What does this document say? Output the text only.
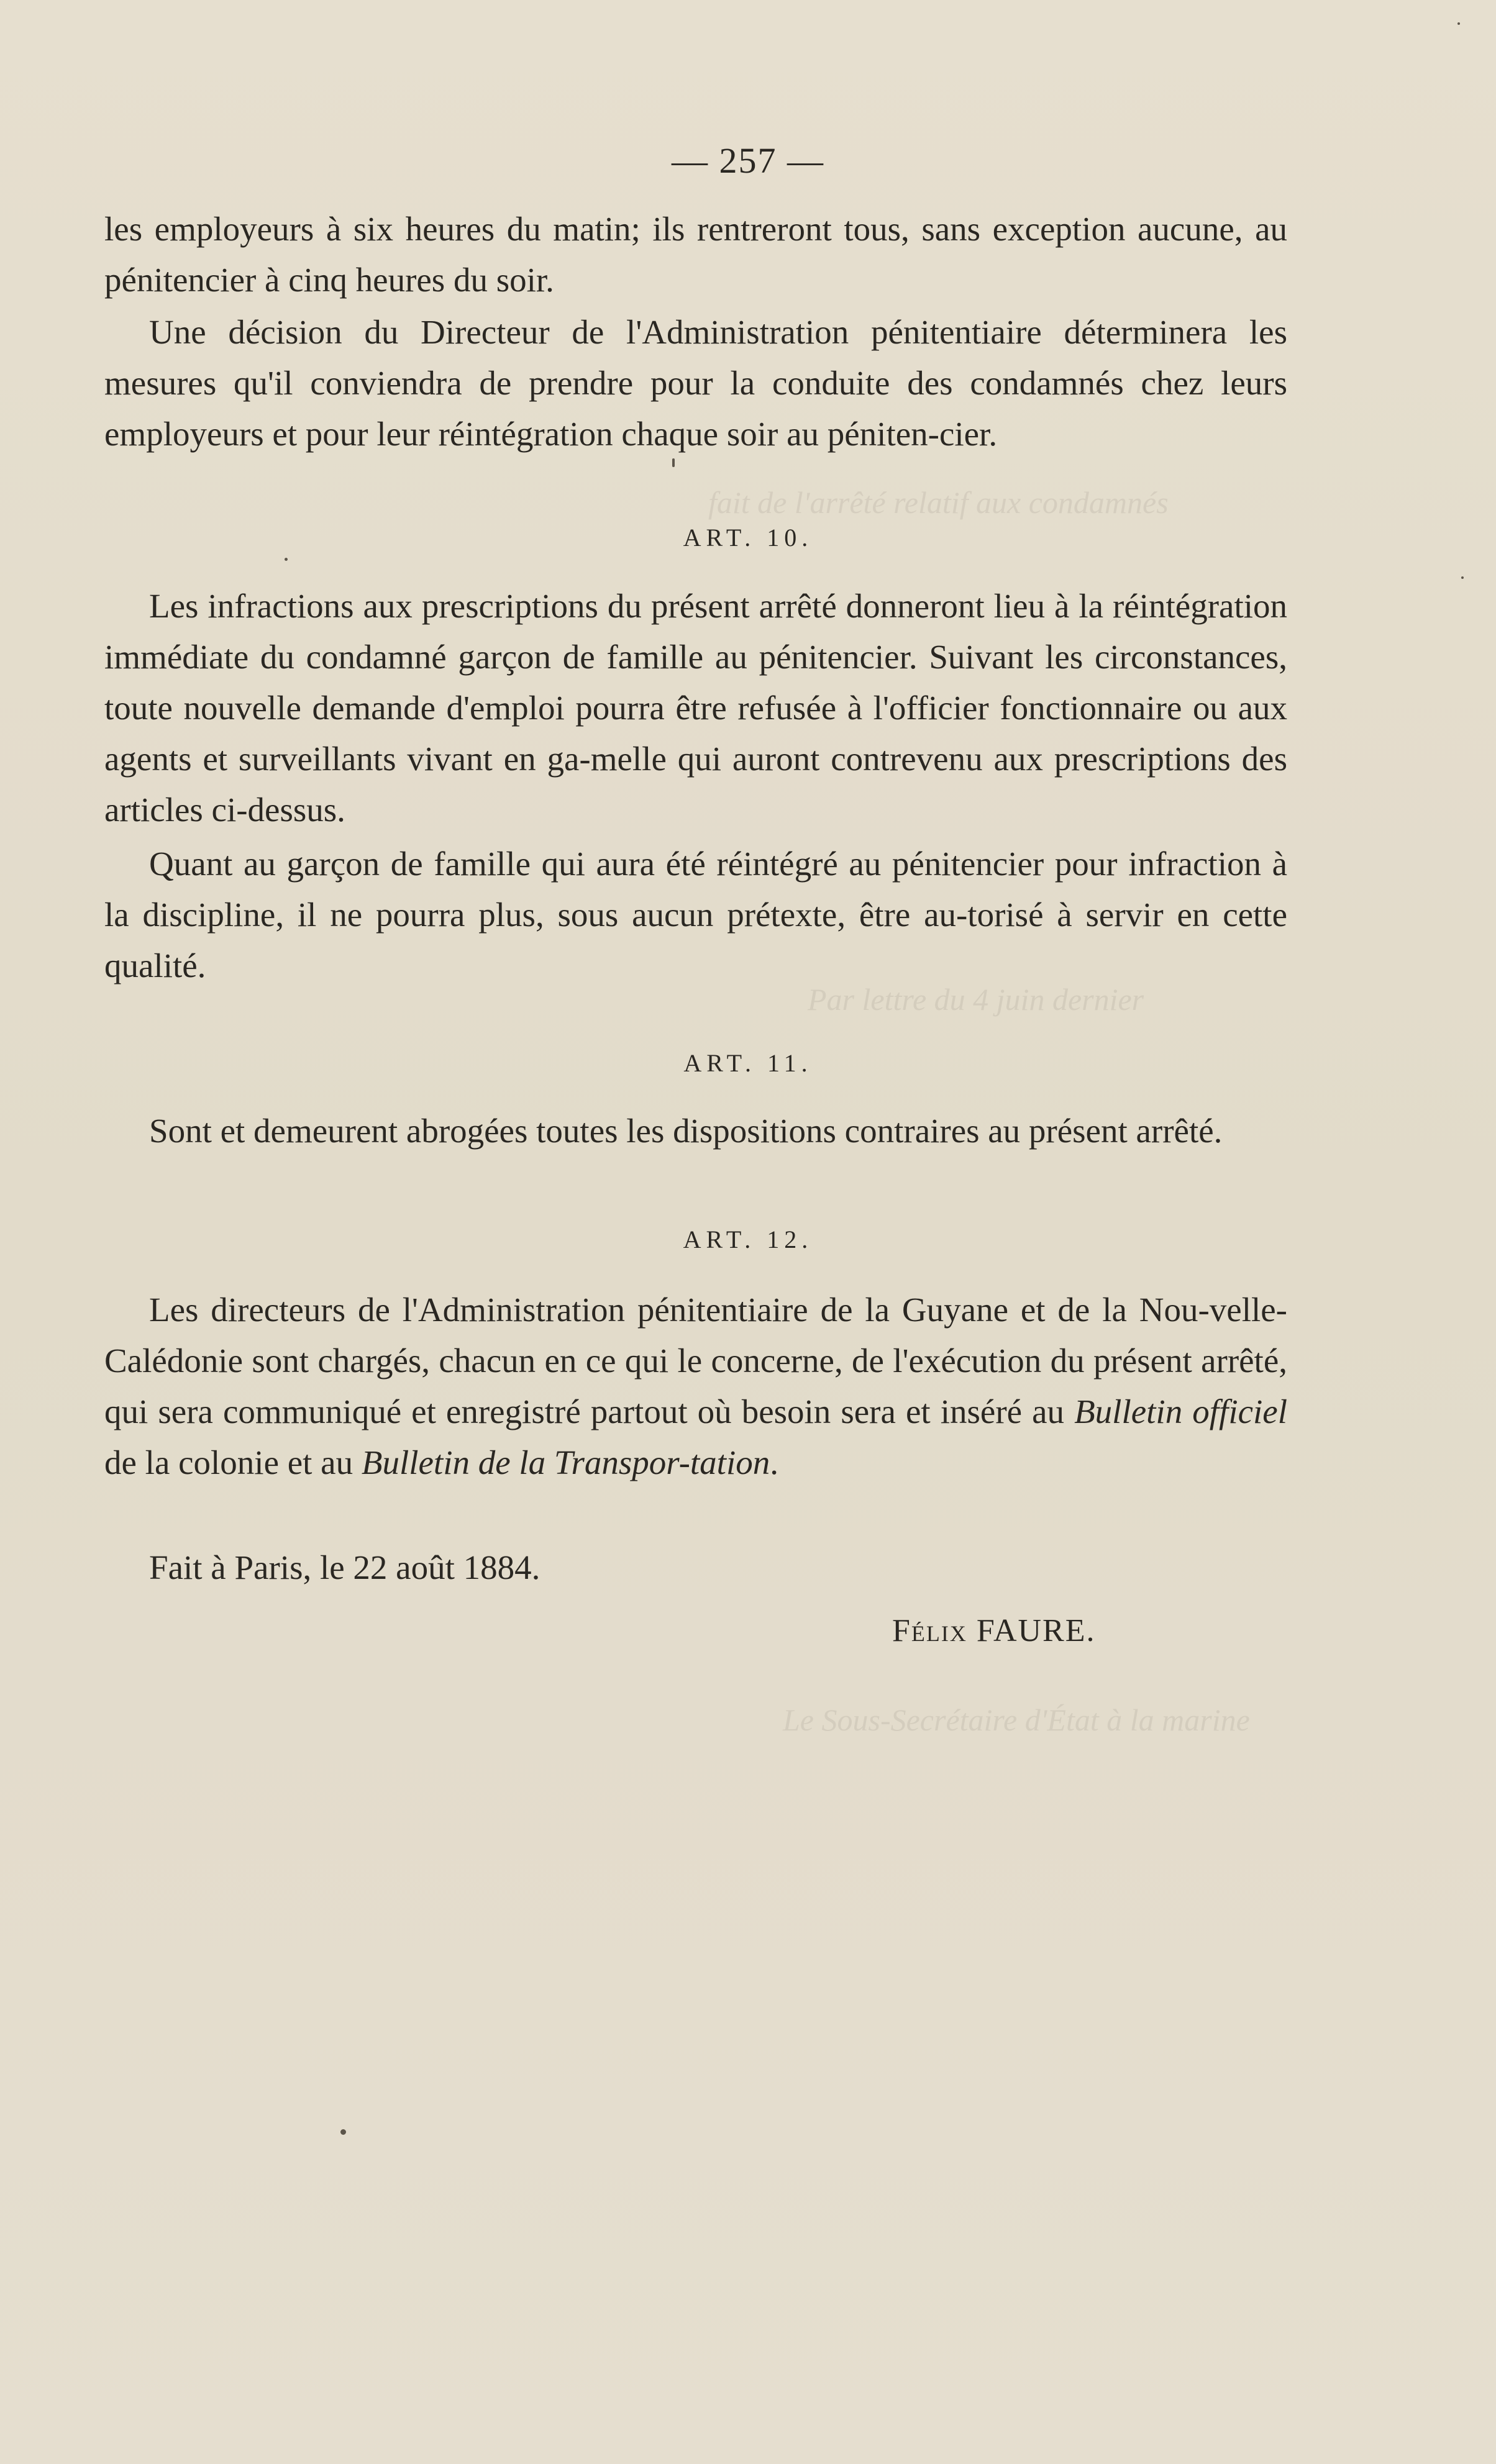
fait de l'arrêté relatif aux condamnés
Par lettre du 4 juin dernier
Le Sous-Secrétaire d'État à la marine
— 257 —

les employeurs à six heures du matin; ils rentreront tous, sans exception aucune, au pénitencier à cinq heures du soir.

Une décision du Directeur de l'Administration pénitentiaire déterminera les mesures qu'il conviendra de prendre pour la conduite des condamnés chez leurs employeurs et pour leur réintégration chaque soir au péniten-cier.

ART. 10.

Les infractions aux prescriptions du présent arrêté donneront lieu à la réintégration immédiate du condamné garçon de famille au pénitencier. Suivant les circonstances, toute nouvelle demande d'emploi pourra être refusée à l'officier fonctionnaire ou aux agents et surveillants vivant en ga-melle qui auront contrevenu aux prescriptions des articles ci-dessus.

Quant au garçon de famille qui aura été réintégré au pénitencier pour infraction à la discipline, il ne pourra plus, sous aucun prétexte, être au-torisé à servir en cette qualité.

ART. 11.

Sont et demeurent abrogées toutes les dispositions contraires au présent arrêté.

ART. 12.

Les directeurs de l'Administration pénitentiaire de la Guyane et de la Nou-velle-Calédonie sont chargés, chacun en ce qui le concerne, de l'exécution du présent arrêté, qui sera communiqué et enregistré partout où besoin sera et inséré au Bulletin officiel de la colonie et au Bulletin de la Transpor-tation.

Fait à Paris, le 22 août 1884.
Félix FAURE.
